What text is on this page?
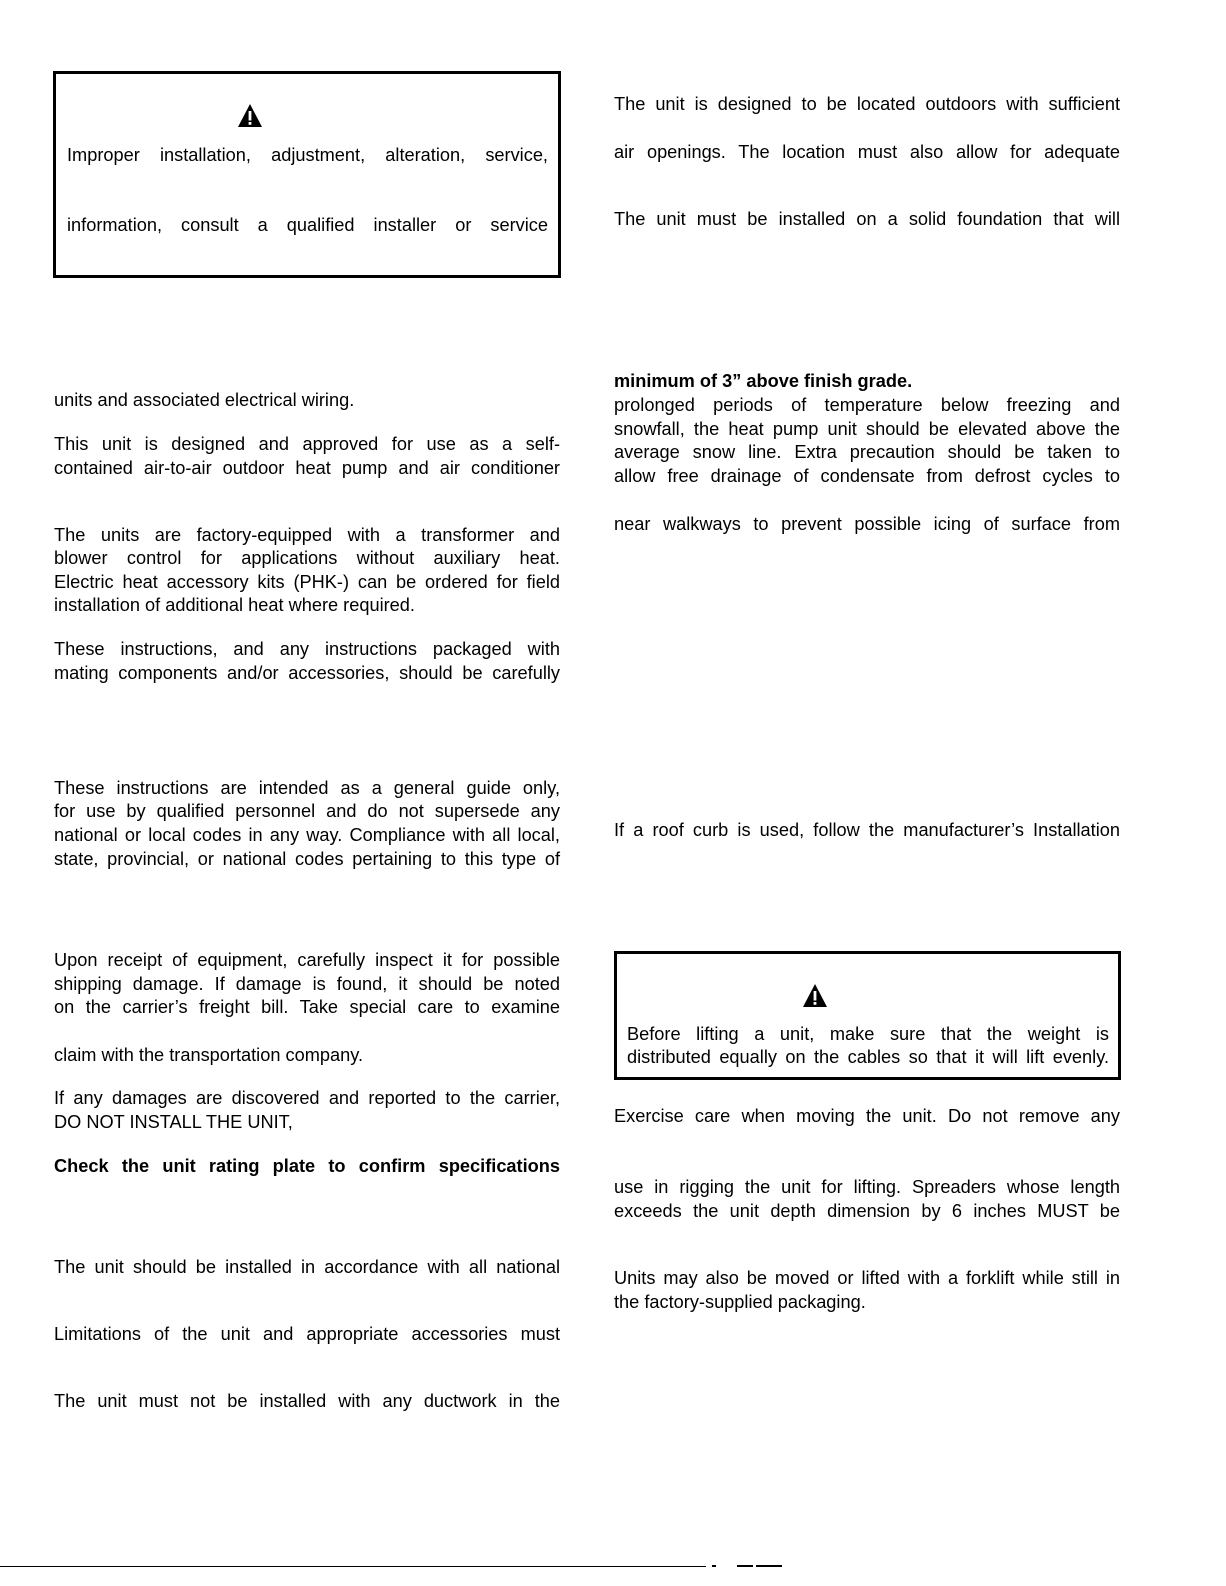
Improper installation, adjustment, alteration, service,
information, consult a qualified installer or service
units and associated electrical wiring.
This unit is designed and approved for use as a self-
contained air-to-air outdoor heat pump and air conditioner
The units are factory-equipped with a transformer and
blower control for applications without auxiliary heat.
Electric heat accessory kits (PHK-) can be ordered for field
installation of additional heat where required.
These instructions, and any instructions packaged with
mating components and/or accessories, should be carefully
These instructions are intended as a general guide only,
for use by qualified personnel and do not supersede any
national or local codes in any way. Compliance with all local,
state, provincial, or national codes pertaining to this type of
Upon receipt of equipment, carefully inspect it for possible
shipping damage. If damage is found, it should be noted
on the carrier’s freight bill. Take special care to examine
claim with the transportation company.
If any damages are discovered and reported to the carrier,
DO NOT INSTALL THE UNIT,
Check the unit rating plate to confirm specifications
The unit should be installed in accordance with all national
Limitations of the unit and appropriate accessories must
The unit must not be installed with any ductwork in the
The unit is designed to be located outdoors with sufficient
air openings. The location must also allow for adequate
The unit must be installed on a solid foundation that will
minimum of 3” above finish grade.
prolonged periods of temperature below freezing and
snowfall, the heat pump unit should be elevated above the
average snow line. Extra precaution should be taken to
allow free drainage of condensate from defrost cycles to
near walkways to prevent possible icing of surface from
If a roof curb is used, follow the manufacturer’s Installation
Before lifting a unit, make sure that the weight is
distributed equally on the cables so that it will lift evenly.
Exercise care when moving the unit. Do not remove any
use in rigging the unit for lifting. Spreaders whose length
exceeds the unit depth dimension by 6 inches MUST be
Units may also be moved or lifted with a forklift while still in
the factory-supplied packaging.
